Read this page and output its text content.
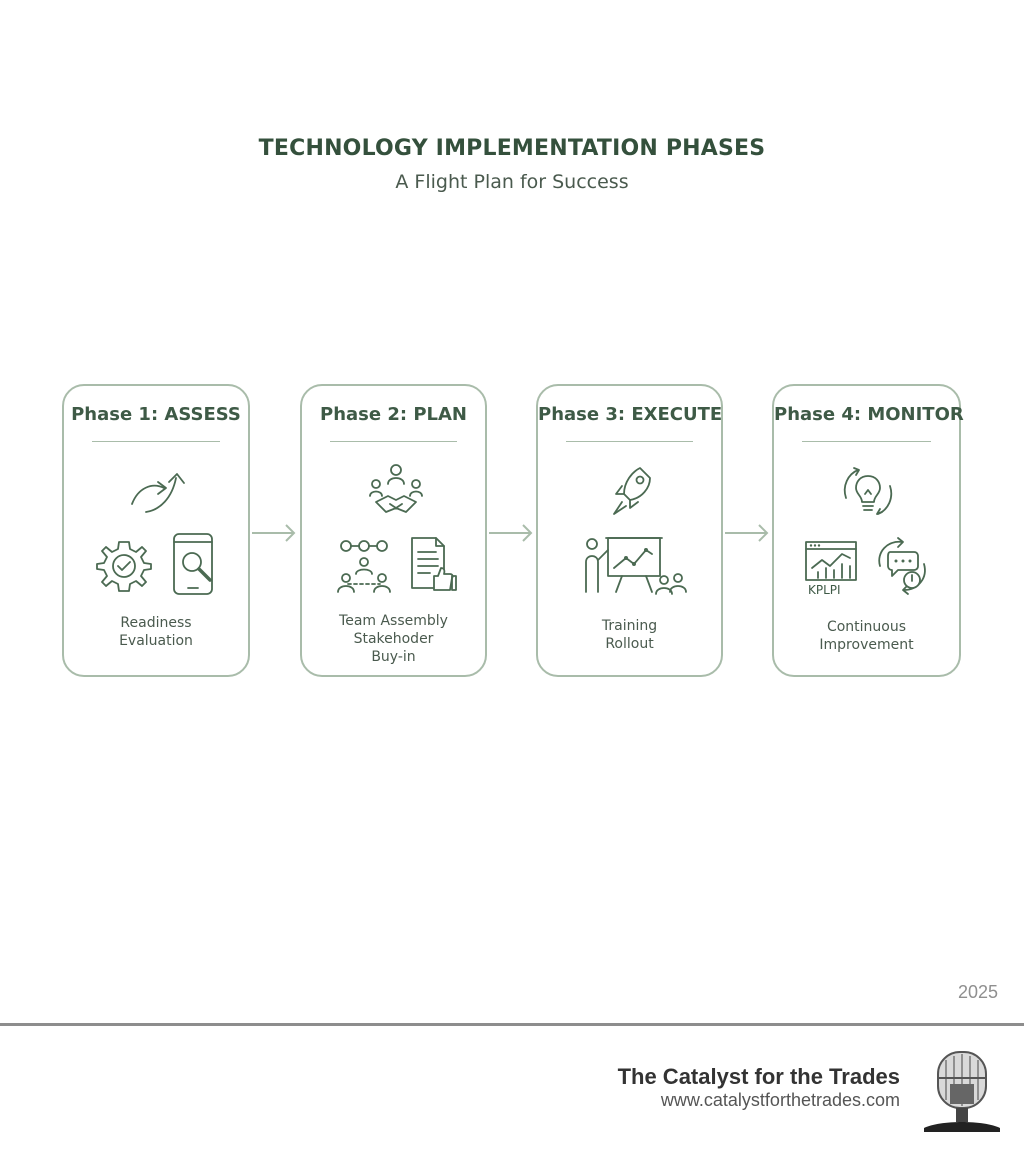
TECHNOLOGY IMPLEMENTATION PHASES
A Flight Plan for Success
Phase 1: ASSESS
Readiness
Evaluation
Phase 2: PLAN
Team Assembly
Stakehoder
Buy-in
Phase 3: EXECUTE
Training
Rollout
Phase 4: MONITOR
KPLPI
Continuous
Improvement
2025
The Catalyst for the Trades
www.catalystforthetrades.com
